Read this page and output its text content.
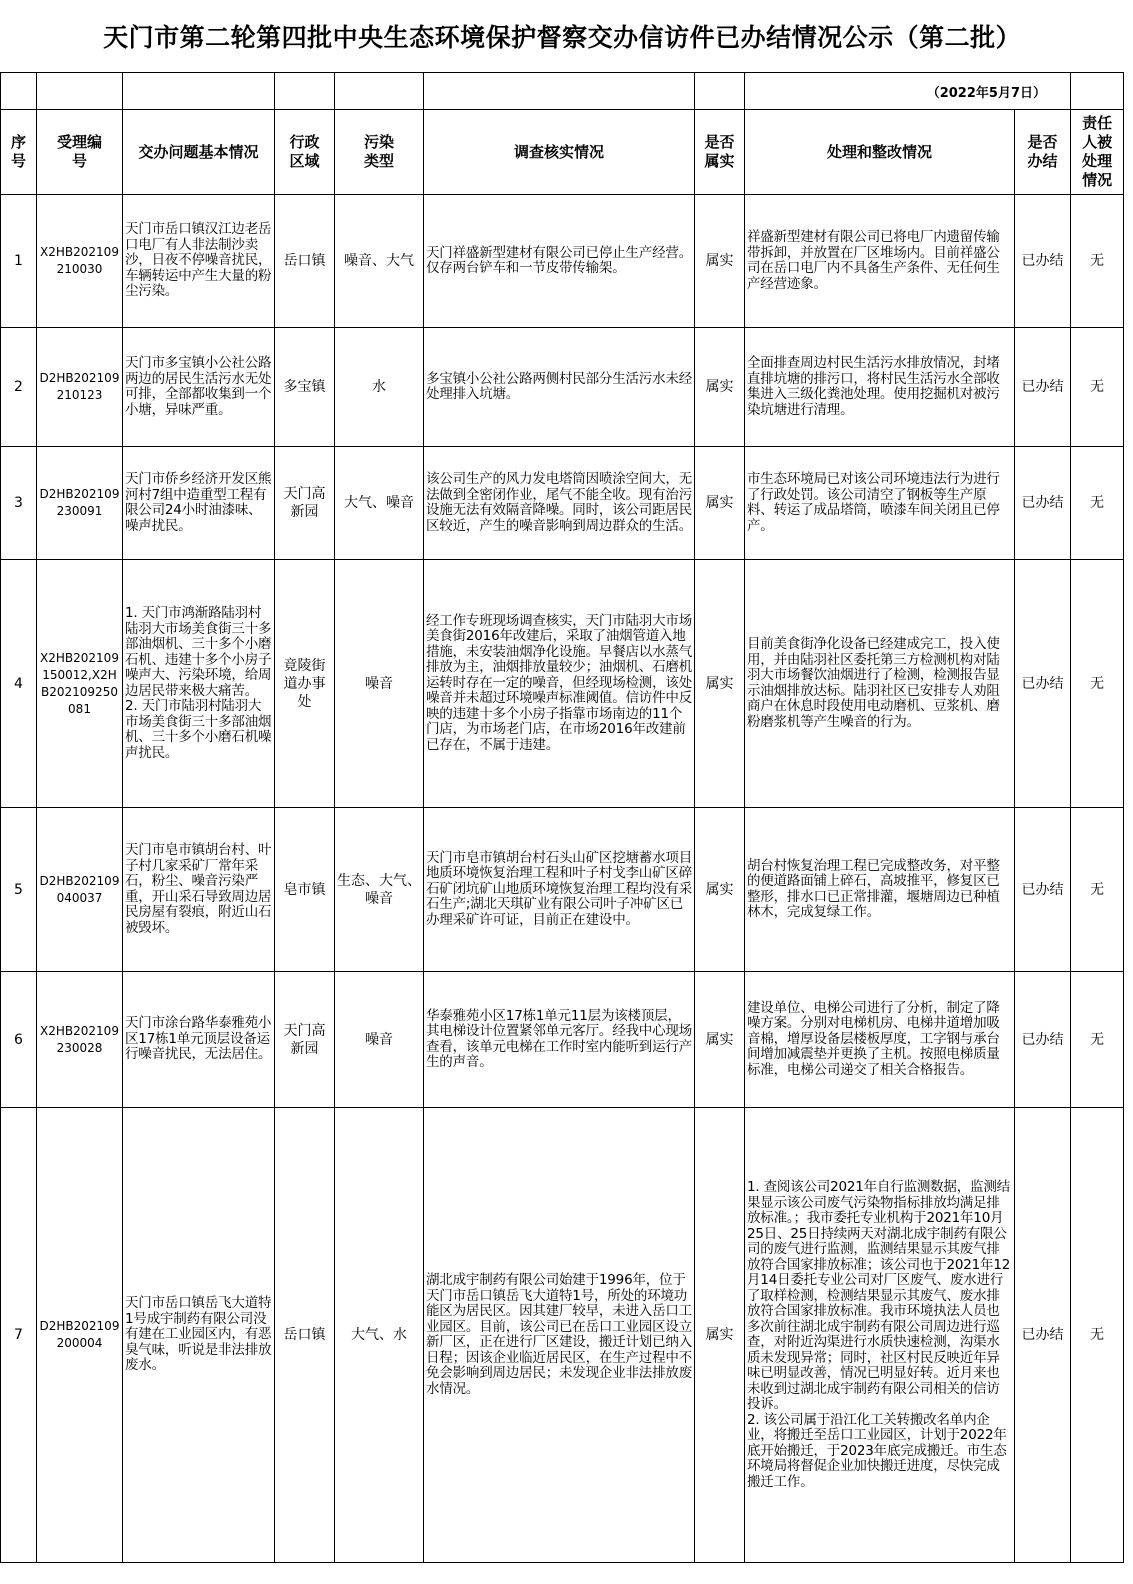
天门市第二轮第四批中央生态环境保护督察交办信访件已办结情况公示（第二批）									
							（2022年5月7日）		
序号	受理编号	交办问题基本情况	行政区域	污染类型	调查核实情况	是否属实	处理和整改情况	是否办结	责任人被处理情况
1	X2HB202109210030	天门市岳口镇汉江边老岳口电厂有人非法制沙卖沙，日夜不停噪音扰民，车辆转运中产生大量的粉尘污染。	岳口镇	噪音、大气	天门祥盛新型建材有限公司已停止生产经营。仅存两台铲车和一节皮带传输架。	属实	祥盛新型建材有限公司已将电厂内遗留传输带拆卸，并放置在厂区堆场内。目前祥盛公司在岳口电厂内不具备生产条件、无任何生产经营迹象。	已办结	无
2	D2HB202109210123	天门市多宝镇小公社公路两边的居民生活污水无处可排，全部都收集到一个小塘，异味严重。	多宝镇	水	多宝镇小公社公路两侧村民部分生活污水未经处理排入坑塘。	属实	全面排查周边村民生活污水排放情况，封堵直排坑塘的排污口，将村民生活污水全部收集进入三级化粪池处理。使用挖掘机对被污染坑塘进行清理。	已办结	无
3	D2HB202109230091	天门市侨乡经济开发区熊河村7组中造重型工程有限公司24小时油漆味、噪声扰民。	天门高新园	大气、噪音	该公司生产的风力发电塔筒因喷涂空间大，无法做到全密闭作业，尾气不能全收。现有治污设施无法有效隔音降噪。同时，该公司距居民区较近，产生的噪音影响到周边群众的生活。	属实	市生态环境局已对该公司环境违法行为进行了行政处罚。该公司清空了钢板等生产原料、转运了成品塔筒，喷漆车间关闭且已停产。	已办结	无
4	X2HB202109150012,X2HB202109250081	1. 天门市鸿渐路陆羽村陆羽大市场美食街三十多部油烟机、三十多个小磨石机、违建十多个小房子噪声大、污染环境，给周边居民带来极大痛苦。
2. 天门市陆羽村陆羽大市场美食街三十多部油烟机、三十多个小磨石机噪声扰民。	竟陵街道办事处	噪音	经工作专班现场调查核实，天门市陆羽大市场美食街2016年改建后，采取了油烟管道入地措施，未安装油烟净化设施。早餐店以水蒸气排放为主，油烟排放量较少；油烟机、石磨机运转时存在一定的噪音，但经现场检测，该处噪音并未超过环境噪声标准阈值。信访件中反映的违建十多个小房子指靠市场南边的11个门店，为市场老门店，在市场2016年改建前已存在，不属于违建。	属实	目前美食街净化设备已经建成完工，投入使用，并由陆羽社区委托第三方检测机构对陆羽大市场餐饮油烟进行了检测，检测报告显示油烟排放达标。陆羽社区已安排专人劝阻商户在休息时段使用电动磨机、豆浆机、磨粉磨浆机等产生噪音的行为。	已办结	无
5	D2HB202109040037	天门市皂市镇胡台村、叶子村几家采矿厂常年采石，粉尘、噪音污染严重，开山采石导致周边居民房屋有裂痕，附近山石被毁坏。	皂市镇	生态、大气、噪音	天门市皂市镇胡台村石头山矿区挖塘蓄水项目地质环境恢复治理工程和叶子村戈李山矿区碎石矿闭坑矿山地质环境恢复治理工程均没有采石生产;湖北天琪矿业有限公司叶子冲矿区已办理采矿许可证，目前正在建设中。	属实	胡台村恢复治理工程已完成整改务，对平整的便道路面铺上碎石，高坡推平，修复区已整形，排水口已正常排灌，堰塘周边已种植林木，完成复绿工作。	已办结	无
6	X2HB202109230028	天门市涂台路华泰雅苑小区17栋1单元顶层设备运行噪音扰民，无法居住。	天门高新园	噪音	华泰雅苑小区17栋1单元11层为该楼顶层，其电梯设计位置紧邻单元客厅。经我中心现场查看，该单元电梯在工作时室内能听到运行产生的声音。	属实	建设单位、电梯公司进行了分析，制定了降噪方案。分别对电梯机房、电梯井道增加吸音棉，增厚设备层楼板厚度，工字钢与承台间增加减震垫并更换了主机。按照电梯质量标准，电梯公司递交了相关合格报告。	已办结	无
7	D2HB202109200004	天门市岳口镇岳飞大道特1号成宇制药有限公司没有建在工业园区内，有恶臭气味，听说是非法排放废水。	岳口镇	大气、水	湖北成宇制药有限公司始建于1996年，位于天门市岳口镇岳飞大道特1号，所处的环境功能区为居民区。因其建厂较早，未进入岳口工业园区。目前，该公司已在岳口工业园区设立新厂区，正在进行厂区建设，搬迁计划已纳入日程；因该企业临近居民区，在生产过程中不免会影响到周边居民；未发现企业非法排放废水情况。	属实	1. 查阅该公司2021年自行监测数据，监测结果显示该公司废气污染物指标排放均满足排放标准。；我市委托专业机构于2021年10月25日、25日持续两天对湖北成宇制药有限公司的废气进行监测，监测结果显示其废气排放符合国家排放标准；该公司也于2021年12月14日委托专业公司对厂区废气、废水进行了取样检测，检测结果显示其废气、废水排放符合国家排放标准。我市环境执法人员也多次前往湖北成宇制药有限公司周边进行巡查，对附近沟渠进行水质快速检测，沟渠水质未发现异常；同时，社区村民反映近年异味已明显改善，情况已明显好转。近月来也未收到过湖北成宇制药有限公司相关的信访投诉。
2. 该公司属于沿江化工关转搬改名单内企业，将搬迁至岳口工业园区，计划于2022年底开始搬迁，于2023年底完成搬迁。市生态环境局将督促企业加快搬迁进度，尽快完成搬迁工作。	已办结	无
